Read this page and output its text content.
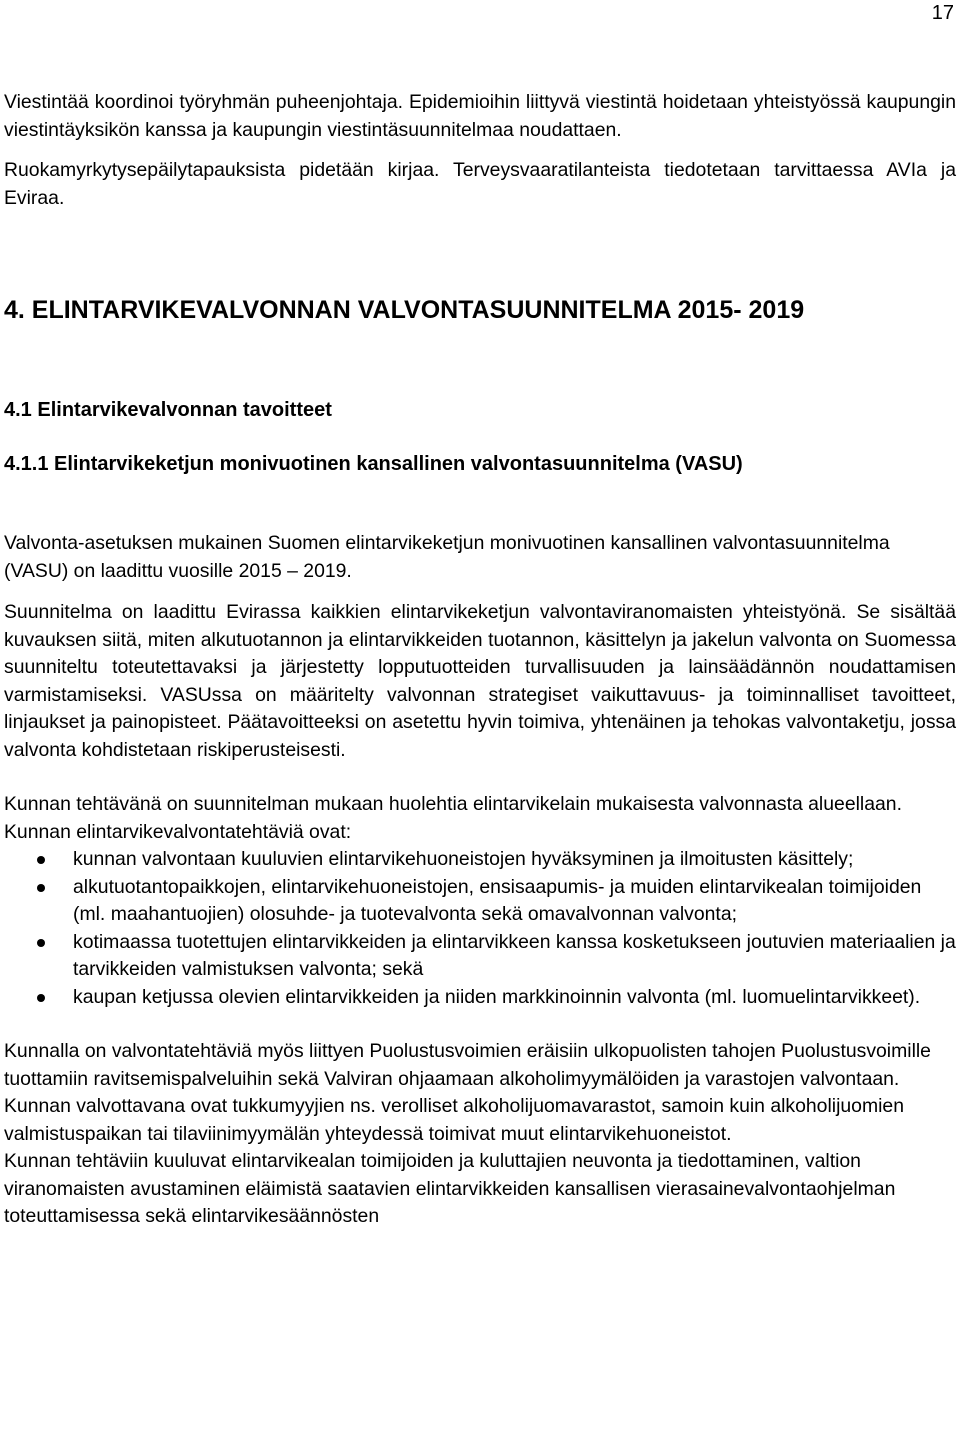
17

Viestintää koordinoi työryhmän puheenjohtaja. Epidemioihin liittyvä viestintä hoidetaan yhteistyössä kaupungin viestintäyksikön kanssa ja kaupungin viestintäsuunnitelmaa noudattaen.

Ruokamyrkytysepäilytapauksista pidetään kirjaa. Terveysvaaratilanteista tiedotetaan tarvittaessa AVIa ja Eviraa.

4. ELINTARVIKEVALVONNAN VALVONTASUUNNITELMA 2015- 2019
4.1 Elintarvikevalvonnan tavoitteet
4.1.1 Elintarvikeketjun monivuotinen kansallinen valvontasuunnitelma (VASU)

Valvonta-asetuksen mukainen Suomen elintarvikeketjun monivuotinen kansallinen valvontasuunnitelma (VASU) on laadittu vuosille 2015 – 2019.

Suunnitelma on laadittu Evirassa kaikkien elintarvikeketjun valvontaviranomaisten yhteistyönä. Se sisältää kuvauksen siitä, miten alkutuotannon ja elintarvikkeiden tuotannon, käsittelyn ja jakelun valvonta on Suomessa suunniteltu toteutettavaksi ja järjestetty lopputuotteiden turvallisuuden ja lainsäädännön noudattamisen varmistamiseksi. VASUssa on määritelty valvonnan strategiset vaikuttavuus- ja toiminnalliset tavoitteet, linjaukset ja painopisteet. Päätavoitteeksi on asetettu hyvin toimiva, yhtenäinen ja tehokas valvontaketju, jossa valvonta kohdistetaan riskiperusteisesti.

Kunnan tehtävänä on suunnitelman mukaan huolehtia elintarvikelain mukaisesta valvonnasta alueellaan. Kunnan elintarvikevalvontatehtäviä ovat:

kunnan valvontaan kuuluvien elintarvikehuoneistojen hyväksyminen ja ilmoitusten käsittely;
alkutuotantopaikkojen, elintarvikehuoneistojen, ensisaapumis- ja muiden elintarvikealan toimijoiden (ml. maahantuojien) olosuhde- ja tuotevalvonta sekä omavalvonnan valvonta;
kotimaassa tuotettujen elintarvikkeiden ja elintarvikkeen kanssa kosketukseen joutuvien materiaalien ja tarvikkeiden valmistuksen valvonta; sekä
kaupan ketjussa olevien elintarvikkeiden ja niiden markkinoinnin valvonta (ml. luomuelintarvikkeet).

Kunnalla on valvontatehtäviä myös liittyen Puolustusvoimien eräisiin ulkopuolisten tahojen Puolustusvoimille tuottamiin ravitsemispalveluihin sekä Valviran ohjaamaan alkoholimyymälöiden ja varastojen valvontaan. Kunnan valvottavana ovat tukkumyyjien ns. verolliset alkoholijuomavarastot, samoin kuin alkoholijuomien valmistuspaikan tai tilaviinimyymälän yhteydessä toimivat muut elintarvikehuoneistot.

Kunnan tehtäviin kuuluvat elintarvikealan toimijoiden ja kuluttajien neuvonta ja tiedottaminen, valtion viranomaisten avustaminen eläimistä saatavien elintarvikkeiden kansallisen vierasainevalvontaohjelman toteuttamisessa sekä elintarvikesäännösten
